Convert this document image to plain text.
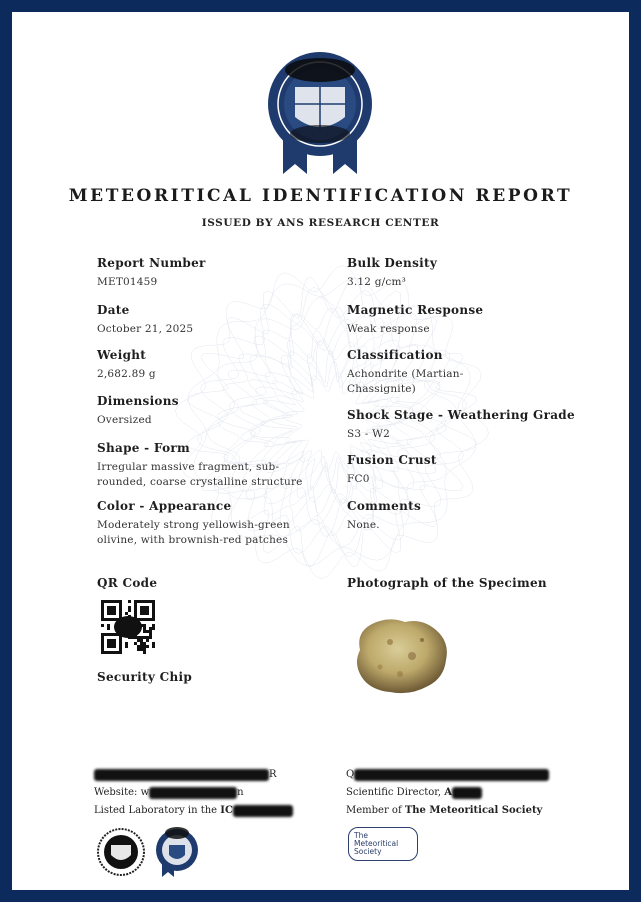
METEORITICAL IDENTIFICATION REPORT
ISSUED BY ANS RESEARCH CENTER
Report Number
MET01459
Date
October 21, 2025
Weight
2,682.89 g
Dimensions
Oversized
Shape - Form
Irregular massive fragment, sub-rounded, coarse crystalline structure
Color - Appearance
Moderately strong yellowish-green olivine, with brownish-red patches
Bulk Density
3.12 g/cm³
Magnetic Response
Weak response
Classification
Achondrite (Martian-Chassignite)
Shock Stage - Weathering Grade
S3 - W2
Fusion Crust
FC0
Comments
None.
QR Code
Security Chip
Photograph of the Specimen
R
Website: w	n
Listed Laboratory in the IC
Q
Scientific Director, A
Member of The Meteoritical Society
The
Meteoritical
Society
